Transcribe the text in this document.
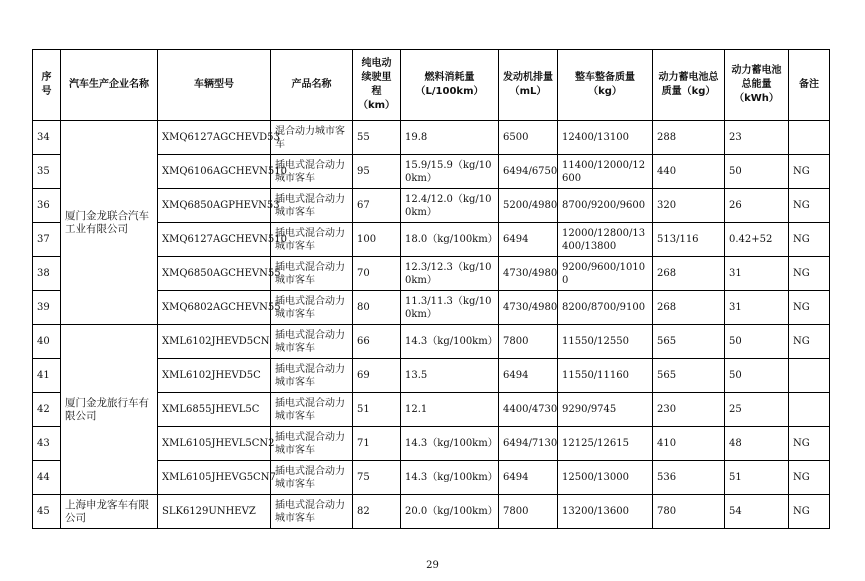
序号	汽车生产企业名称	车辆型号	产品名称	纯电动续驶里程（km）	燃料消耗量（L/100km）	发动机排量（mL）	整车整备质量（kg）	动力蓄电池总质量（kg）	动力蓄电池总能量（kWh）	备注
34	厦门金龙联合汽车工业有限公司	XMQ6127AGCHEVD53	混合动力城市客车	55	19.8	6500	12400/13100	288	23	
35		XMQ6106AGCHEVN510	插电式混合动力城市客车	95	15.9/15.9（kg/100km）	6494/6750	11400/12000/12600	440	50	NG
36		XMQ6850AGPHEVN53	插电式混合动力城市客车	67	12.4/12.0（kg/100km）	5200/4980	8700/9200/9600	320	26	NG
37		XMQ6127AGCHEVN510	插电式混合动力城市客车	100	18.0（kg/100km）	6494	12000/12800/13400/13800	513/116	0.42+52	NG
38		XMQ6850AGCHEVN55	插电式混合动力城市客车	70	12.3/12.3（kg/100km）	4730/4980	9200/9600/10100	268	31	NG
39		XMQ6802AGCHEVN55	插电式混合动力城市客车	80	11.3/11.3（kg/100km）	4730/4980	8200/8700/9100	268	31	NG
40	厦门金龙旅行车有限公司	XML6102JHEVD5CN	插电式混合动力城市客车	66	14.3（kg/100km）	7800	11550/12550	565	50	NG
41		XML6102JHEVD5C	插电式混合动力城市客车	69	13.5	6494	11550/11160	565	50	
42		XML6855JHEVL5C	插电式混合动力城市客车	51	12.1	4400/4730	9290/9745	230	25	
43		XML6105JHEVL5CN2	插电式混合动力城市客车	71	14.3（kg/100km）	6494/7130	12125/12615	410	48	NG
44		XML6105JHEVG5CN7	插电式混合动力城市客车	75	14.3（kg/100km）	6494	12500/13000	536	51	NG
45	上海申龙客车有限公司	SLK6129UNHEVZ	插电式混合动力城市客车	82	20.0（kg/100km）	7800	13200/13600	780	54	NG
29
